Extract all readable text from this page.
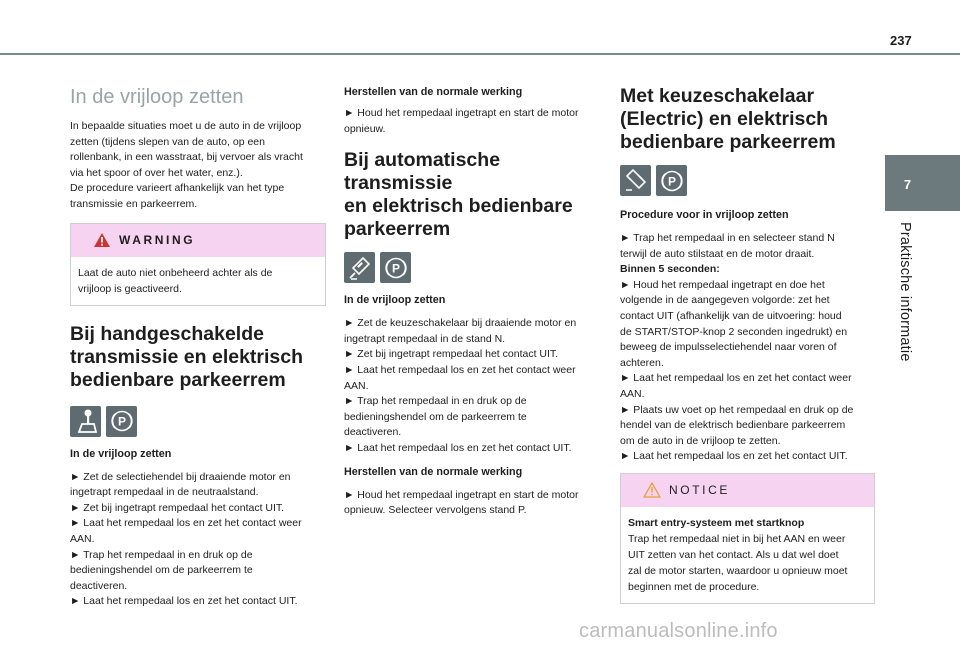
237
7
Praktische informatie
In de vrijloop zetten
In bepaalde situaties moet u de auto in de vrijloop
zetten (tijdens slepen van de auto, op een
rollenbank, in een wasstraat, bij vervoer als vracht
via het spoor of over het water, enz.).
De procedure varieert afhankelijk van het type
transmissie en parkeerrem.
WARNING
Laat de auto niet onbeheerd achter als de
vrijloop is geactiveerd.
Bij handgeschakelde
transmissie en elektrisch
bedienbare parkeerrem
P
In de vrijloop zetten
► Zet de selectiehendel bij draaiende motor en
ingetrapt rempedaal in de neutraalstand.
► Zet bij ingetrapt rempedaal het contact UIT.
► Laat het rempedaal los en zet het contact weer
AAN.
► Trap het rempedaal in en druk op de
bedieningshendel om de parkeerrem te
deactiveren.
► Laat het rempedaal los en zet het contact UIT.
Herstellen van de normale werking
► Houd het rempedaal ingetrapt en start de motor
opnieuw.
Bij automatische transmissie
en elektrisch bedienbare
parkeerrem
P
In de vrijloop zetten
► Zet de keuzeschakelaar bij draaiende motor en
ingetrapt rempedaal in de stand N.
► Zet bij ingetrapt rempedaal het contact UIT.
► Laat het rempedaal los en zet het contact weer
AAN.
► Trap het rempedaal in en druk op de
bedieningshendel om de parkeerrem te
deactiveren.
► Laat het rempedaal los en zet het contact UIT.
Herstellen van de normale werking
► Houd het rempedaal ingetrapt en start de motor
opnieuw. Selecteer vervolgens stand P.
Met keuzeschakelaar
(Electric) en elektrisch
bedienbare parkeerrem
P
Procedure voor in vrijloop zetten
► Trap het rempedaal in en selecteer stand N
terwijl de auto stilstaat en de motor draait.
Binnen 5 seconden:
► Houd het rempedaal ingetrapt en doe het
volgende in de aangegeven volgorde: zet het
contact UIT (afhankelijk van de uitvoering: houd
de START/STOP-knop 2 seconden ingedrukt) en
beweeg de impulsselectiehendel naar voren of
achteren.
► Laat het rempedaal los en zet het contact weer
AAN.
► Plaats uw voet op het rempedaal en druk op de
hendel van de elektrisch bedienbare parkeerrem
om de auto in de vrijloop te zetten.
► Laat het rempedaal los en zet het contact UIT.
NOTICE
Smart entry-systeem met startknop
Trap het rempedaal niet in bij het AAN en weer
UIT zetten van het contact. Als u dat wel doet
zal de motor starten, waardoor u opnieuw moet
beginnen met de procedure.
carmanualsonline.info
